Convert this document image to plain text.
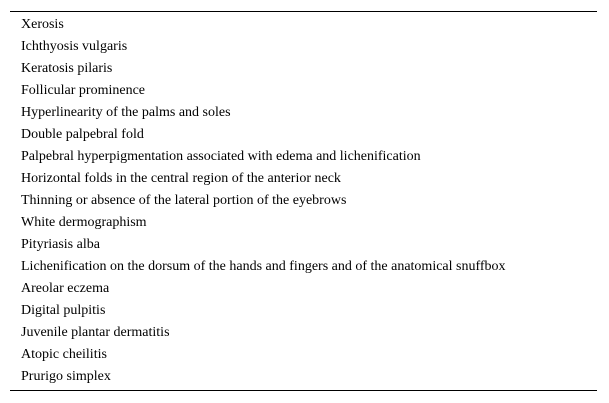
Xerosis
Ichthyosis vulgaris
Keratosis pilaris
Follicular prominence
Hyperlinearity of the palms and soles
Double palpebral fold
Palpebral hyperpigmentation associated with edema and lichenification
Horizontal folds in the central region of the anterior neck
Thinning or absence of the lateral portion of the eyebrows
White dermographism
Pityriasis alba
Lichenification on the dorsum of the hands and fingers and of the anatomical snuffbox
Areolar eczema
Digital pulpitis
Juvenile plantar dermatitis
Atopic cheilitis
Prurigo simplex
